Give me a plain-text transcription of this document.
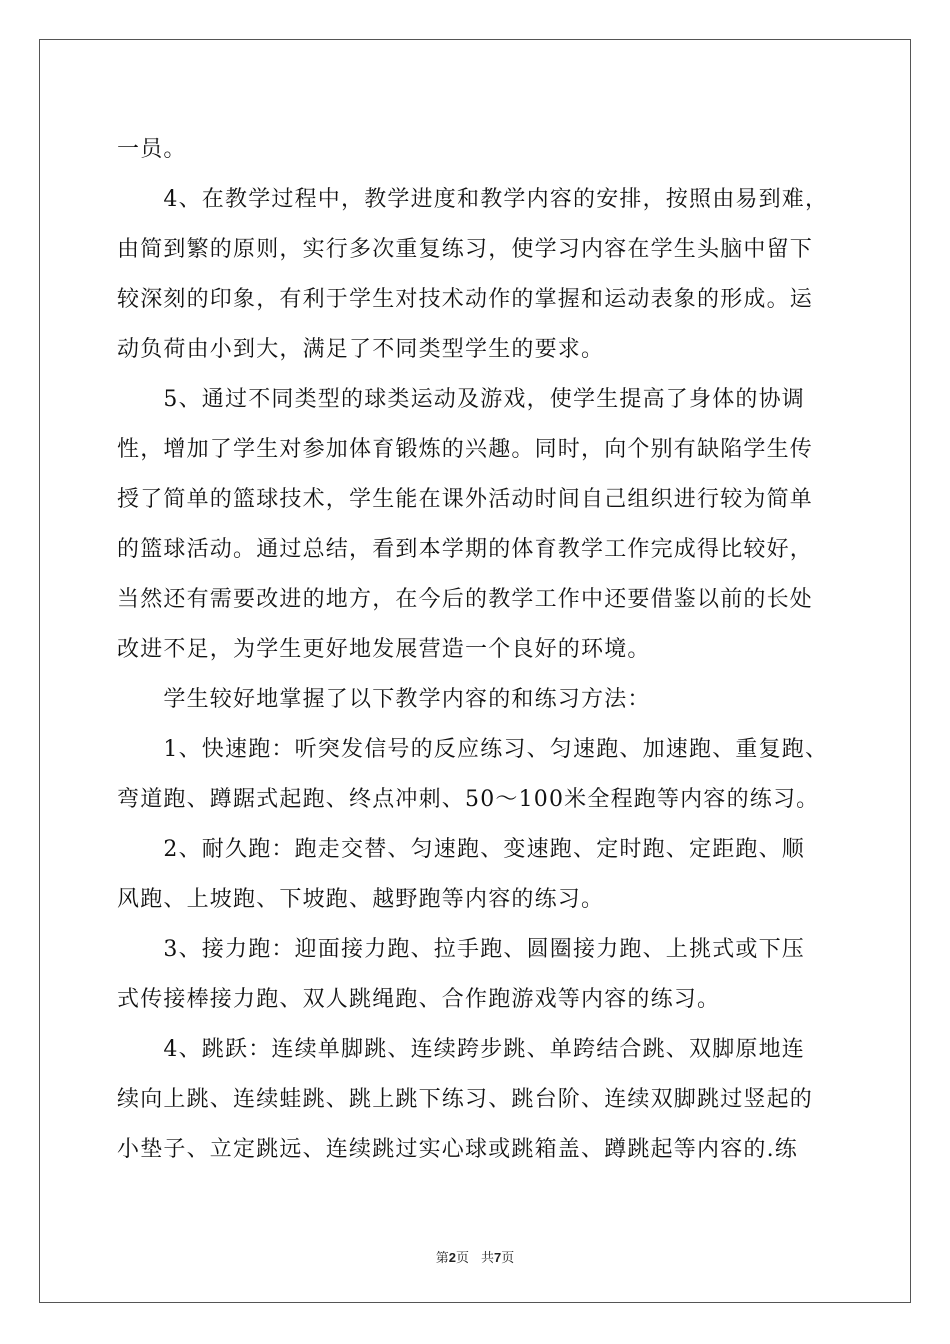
一员。
　　4、在教学过程中，教学进度和教学内容的安排，按照由易到难，
由简到繁的原则，实行多次重复练习，使学习内容在学生头脑中留下
较深刻的印象，有利于学生对技术动作的掌握和运动表象的形成。运
动负荷由小到大，满足了不同类型学生的要求。
　　5、通过不同类型的球类运动及游戏，使学生提高了身体的协调
性，增加了学生对参加体育锻炼的兴趣。同时，向个别有缺陷学生传
授了简单的篮球技术，学生能在课外活动时间自己组织进行较为简单
的篮球活动。通过总结，看到本学期的体育教学工作完成得比较好，
当然还有需要改进的地方，在今后的教学工作中还要借鉴以前的长处
改进不足，为学生更好地发展营造一个良好的环境。
　　学生较好地掌握了以下教学内容的和练习方法：
　　1、快速跑：听突发信号的反应练习、匀速跑、加速跑、重复跑、
弯道跑、蹲踞式起跑、终点冲刺、50～100米全程跑等内容的练习。
　　2、耐久跑：跑走交替、匀速跑、变速跑、定时跑、定距跑、顺
风跑、上坡跑、下坡跑、越野跑等内容的练习。
　　3、接力跑：迎面接力跑、拉手跑、圆圈接力跑、上挑式或下压
式传接棒接力跑、双人跳绳跑、合作跑游戏等内容的练习。
　　4、跳跃：连续单脚跳、连续跨步跳、单跨结合跳、双脚原地连
续向上跳、连续蛙跳、跳上跳下练习、跳台阶、连续双脚跳过竖起的
小垫子、立定跳远、连续跳过实心球或跳箱盖、蹲跳起等内容的.练
第2页 共7页
